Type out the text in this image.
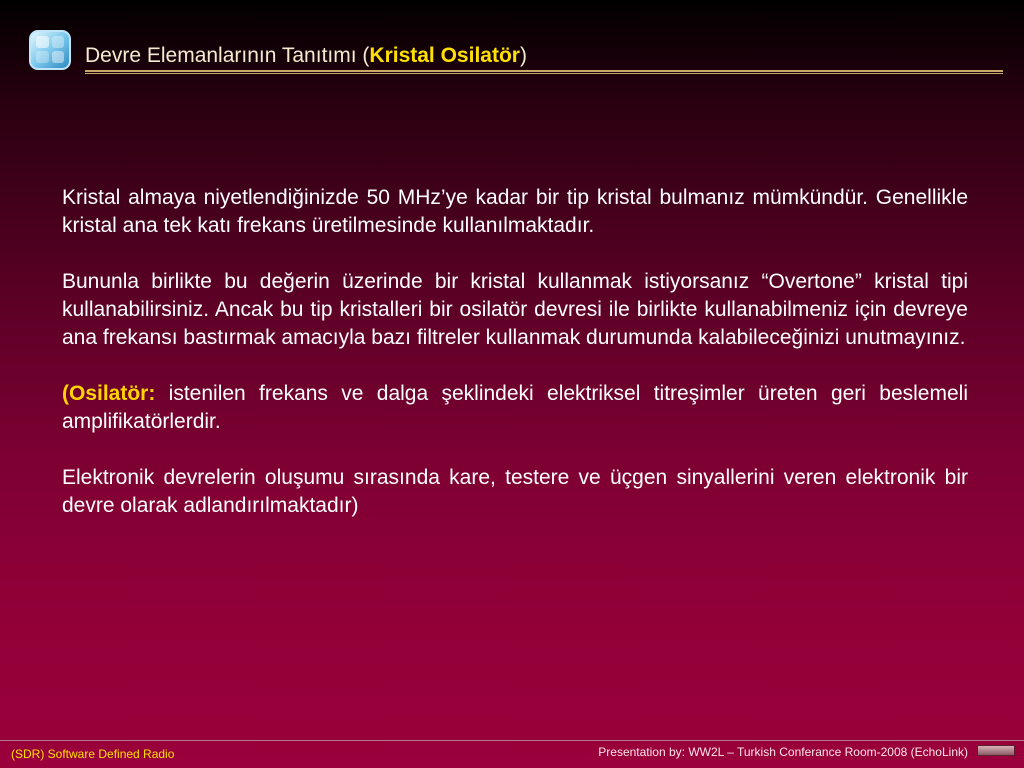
Devre Elemanlarının Tanıtımı (Kristal Osilatör)

Kristal almaya niyetlendiğinizde 50 MHz’ye kadar bir tip kristal bulmanız mümkündür. Genellikle kristal ana tek katı frekans üretilmesinde kullanılmaktadır.

Bununla birlikte bu değerin üzerinde bir kristal kullanmak istiyorsanız “Overtone” kristal tipi kullanabilirsiniz. Ancak bu tip kristalleri bir osilatör devresi ile birlikte kullanabilmeniz için devreye ana frekansı bastırmak amacıyla bazı filtreler kullanmak durumunda kalabileceğinizi unutmayınız.

(Osilatör: istenilen frekans ve dalga şeklindeki elektriksel titreşimler üreten geri beslemeli amplifikatörlerdir.

Elektronik devrelerin oluşumu sırasında kare, testere ve üçgen sinyallerini veren elektronik bir devre olarak adlandırılmaktadır)

(SDR) Software Defined Radio	Presentation by: WW2L – Turkish Conferance Room-2008 (EchoLink)
